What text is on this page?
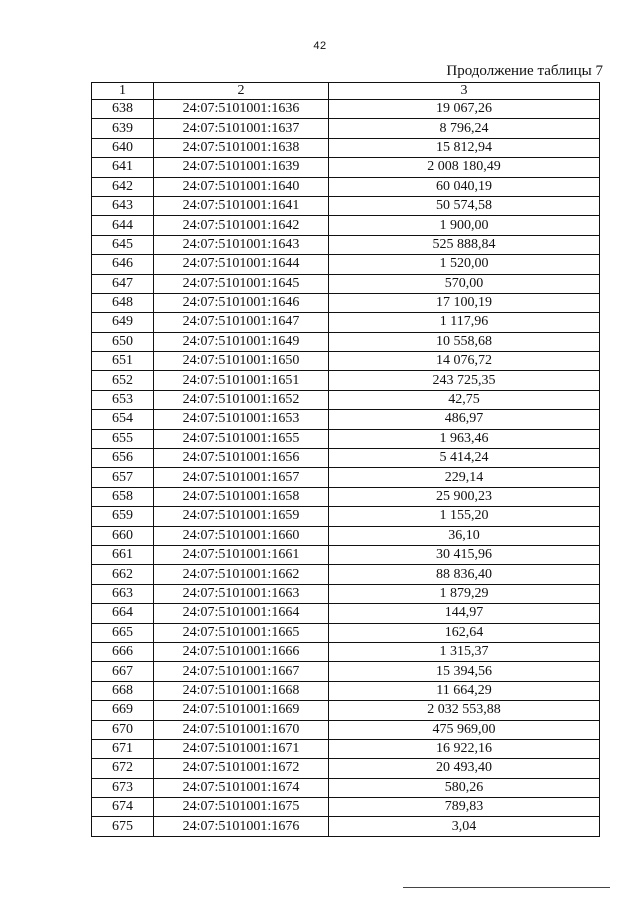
42
Продолжение таблицы 7
1	2	3
638	24:07:5101001:1636	19 067,26
639	24:07:5101001:1637	8 796,24
640	24:07:5101001:1638	15 812,94
641	24:07:5101001:1639	2 008 180,49
642	24:07:5101001:1640	60 040,19
643	24:07:5101001:1641	50 574,58
644	24:07:5101001:1642	1 900,00
645	24:07:5101001:1643	525 888,84
646	24:07:5101001:1644	1 520,00
647	24:07:5101001:1645	570,00
648	24:07:5101001:1646	17 100,19
649	24:07:5101001:1647	1 117,96
650	24:07:5101001:1649	10 558,68
651	24:07:5101001:1650	14 076,72
652	24:07:5101001:1651	243 725,35
653	24:07:5101001:1652	42,75
654	24:07:5101001:1653	486,97
655	24:07:5101001:1655	1 963,46
656	24:07:5101001:1656	5 414,24
657	24:07:5101001:1657	229,14
658	24:07:5101001:1658	25 900,23
659	24:07:5101001:1659	1 155,20
660	24:07:5101001:1660	36,10
661	24:07:5101001:1661	30 415,96
662	24:07:5101001:1662	88 836,40
663	24:07:5101001:1663	1 879,29
664	24:07:5101001:1664	144,97
665	24:07:5101001:1665	162,64
666	24:07:5101001:1666	1 315,37
667	24:07:5101001:1667	15 394,56
668	24:07:5101001:1668	11 664,29
669	24:07:5101001:1669	2 032 553,88
670	24:07:5101001:1670	475 969,00
671	24:07:5101001:1671	16 922,16
672	24:07:5101001:1672	20 493,40
673	24:07:5101001:1674	580,26
674	24:07:5101001:1675	789,83
675	24:07:5101001:1676	3,04
